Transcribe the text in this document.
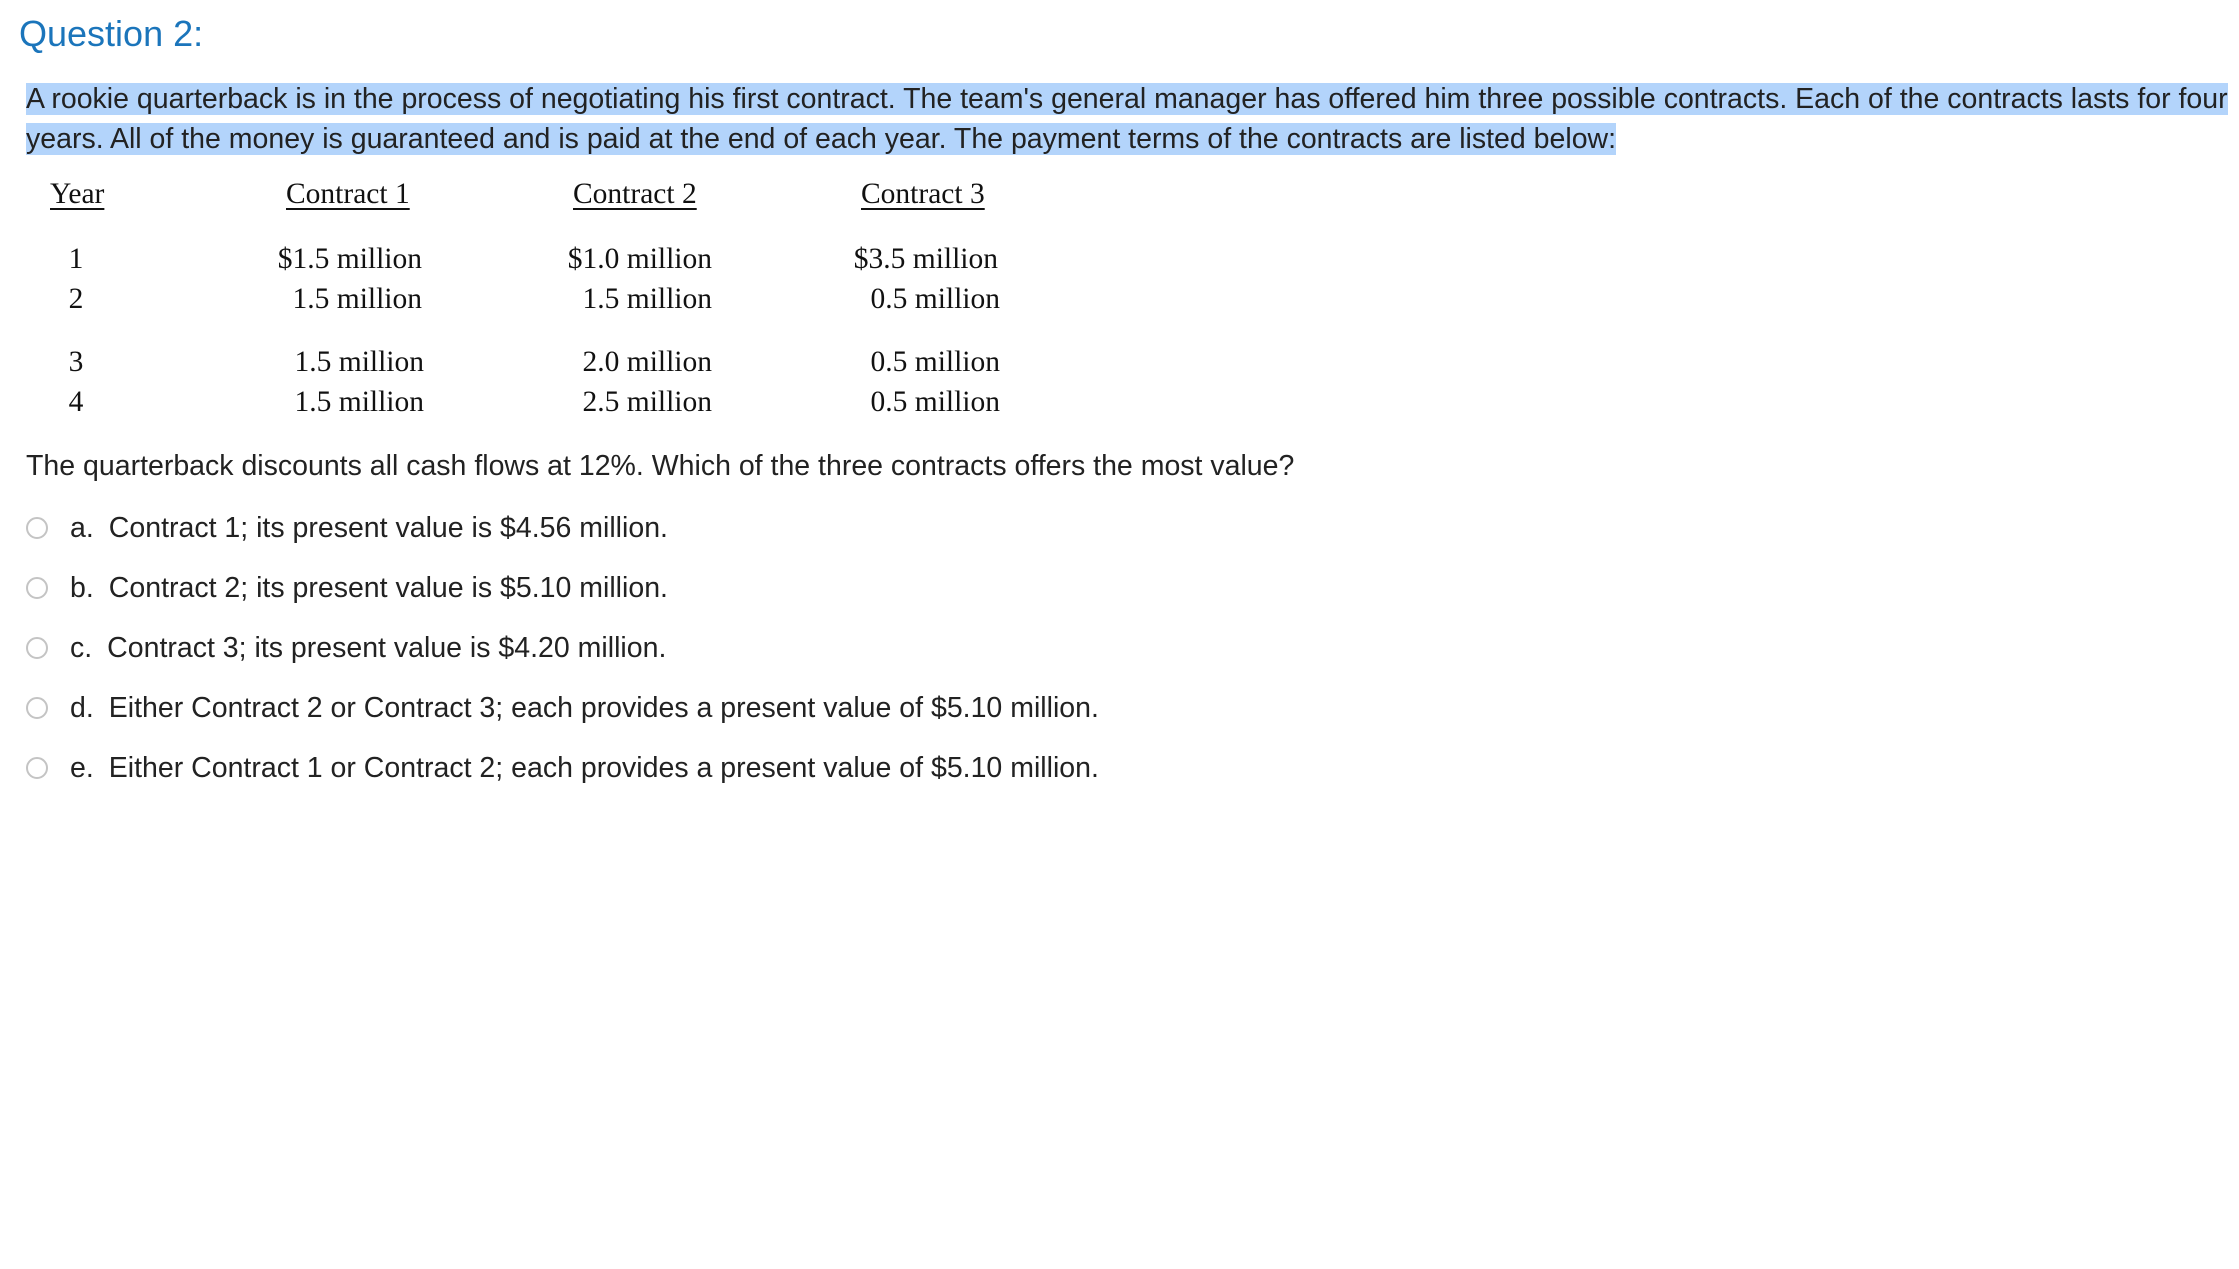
Question 2:
A rookie quarterback is in the process of negotiating his first contract. The team's general manager has offered him three possible contracts. Each of the contracts lasts for four years. All of the money is guaranteed and is paid at the end of each year. The payment terms of the contracts are listed below:
Year	Contract 1	Contract 2	Contract 3
1	$1.5 million	$1.0 million	$3.5 million
2	1.5 million	1.5 million	0.5 million
3	1.5 million	2.0 million	0.5 million
4	1.5 million	2.5 million	0.5 million
The quarterback discounts all cash flows at 12%. Which of the three contracts offers the most value?
a. Contract 1; its present value is $4.56 million.
b. Contract 2; its present value is $5.10 million.
c. Contract 3; its present value is $4.20 million.
d. Either Contract 2 or Contract 3; each provides a present value of $5.10 million.
e. Either Contract 1 or Contract 2; each provides a present value of $5.10 million.
